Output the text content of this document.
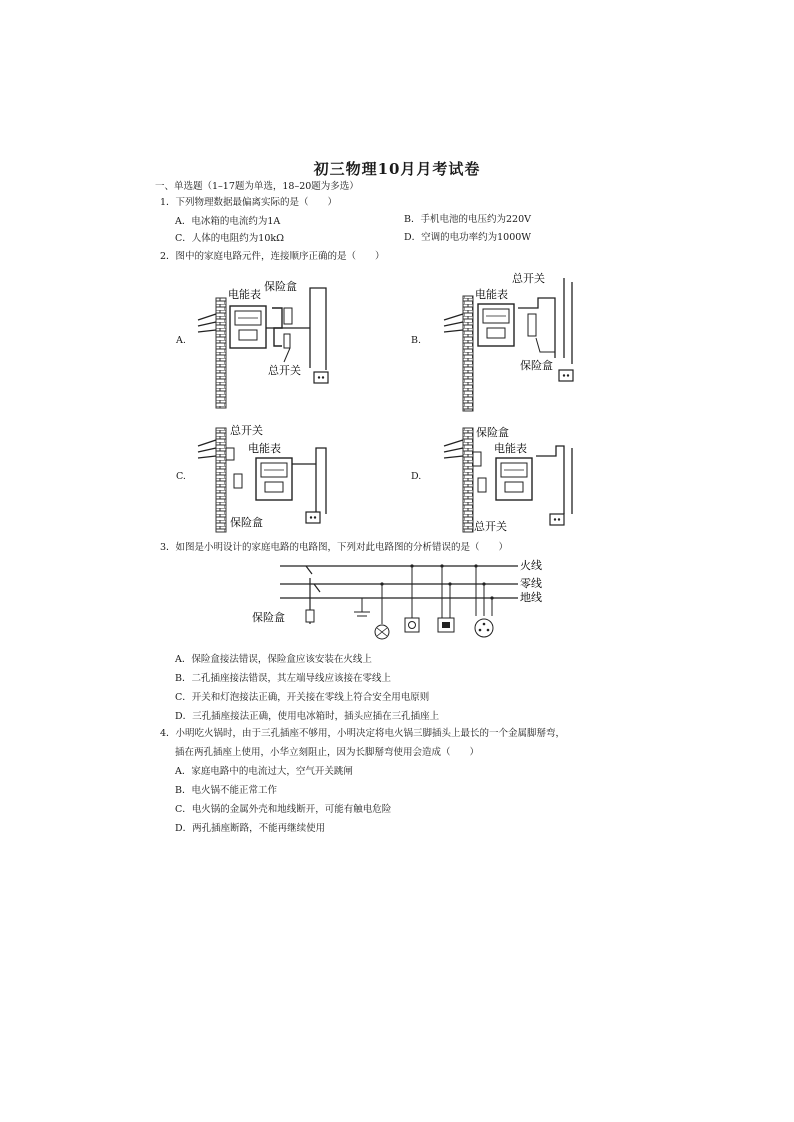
初三物理10月月考试卷
一、单选题（1–17题为单选，18–20题为多选）
1．下列物理数据最偏离实际的是（　　）
A．电冰箱的电流约为1A	B．手机电池的电压约为220V
C．人体的电阻约为10kΩ	D．空调的电功率约为1000W
2．图中的家庭电路元件，连接顺序正确的是（　　）
电能表
保险盒
总开关
电能表
总开关
保险盒
总开关
电能表
保险盒
保险盒
电能表
总开关
A.	B.
C.	D.
3．如图是小明设计的家庭电路的电路图，下列对此电路图的分析错误的是（　　）
火线
零线
地线
保险盒
A．保险盒接法错误，保险盒应该安装在火线上
B．二孔插座接法错误，其左端导线应该接在零线上
C．开关和灯泡接法正确，开关接在零线上符合安全用电原则
D．三孔插座接法正确，使用电冰箱时，插头应插在三孔插座上
4．小明吃火锅时，由于三孔插座不够用，小明决定将电火锅三脚插头上最长的一个金属脚掰弯，
插在两孔插座上使用，小华立刻阻止，因为长脚掰弯使用会造成（　　）
A．家庭电路中的电流过大，空气开关跳闸
B．电火锅不能正常工作
C．电火锅的金属外壳和地线断开，可能有触电危险
D．两孔插座断路，不能再继续使用
